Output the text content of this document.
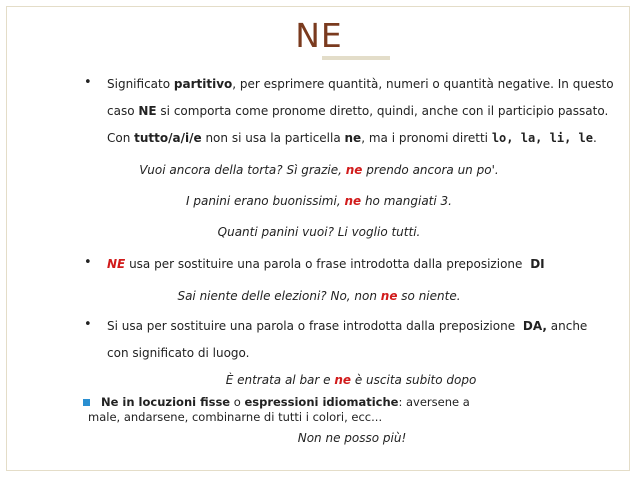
NE
• Significato partitivo, per esprimere quantità, numeri o quantità negative. In questo
caso NE si comporta come pronome diretto, quindi, anche con il participio passato.
Con tutto/a/i/e non si usa la particella ne, ma i pronomi diretti lo, la, li, le.
Vuoi ancora della torta? Sì grazie, ne prendo ancora un po'.
I panini erano buonissimi, ne ho mangiati 3.
Quanti panini vuoi? Li voglio tutti.
• NE usa per sostituire una parola o frase introdotta dalla preposizione DI
Sai niente delle elezioni? No, non ne so niente.
• Si usa per sostituire una parola o frase introdotta dalla preposizione DA, anche
con significato di luogo.
È entrata al bar e ne è uscita subito dopo
Ne in locuzioni fisse o espressioni idiomatiche: aversene a
male, andarsene, combinarne di tutti i colori, ecc...
Non ne posso più!
